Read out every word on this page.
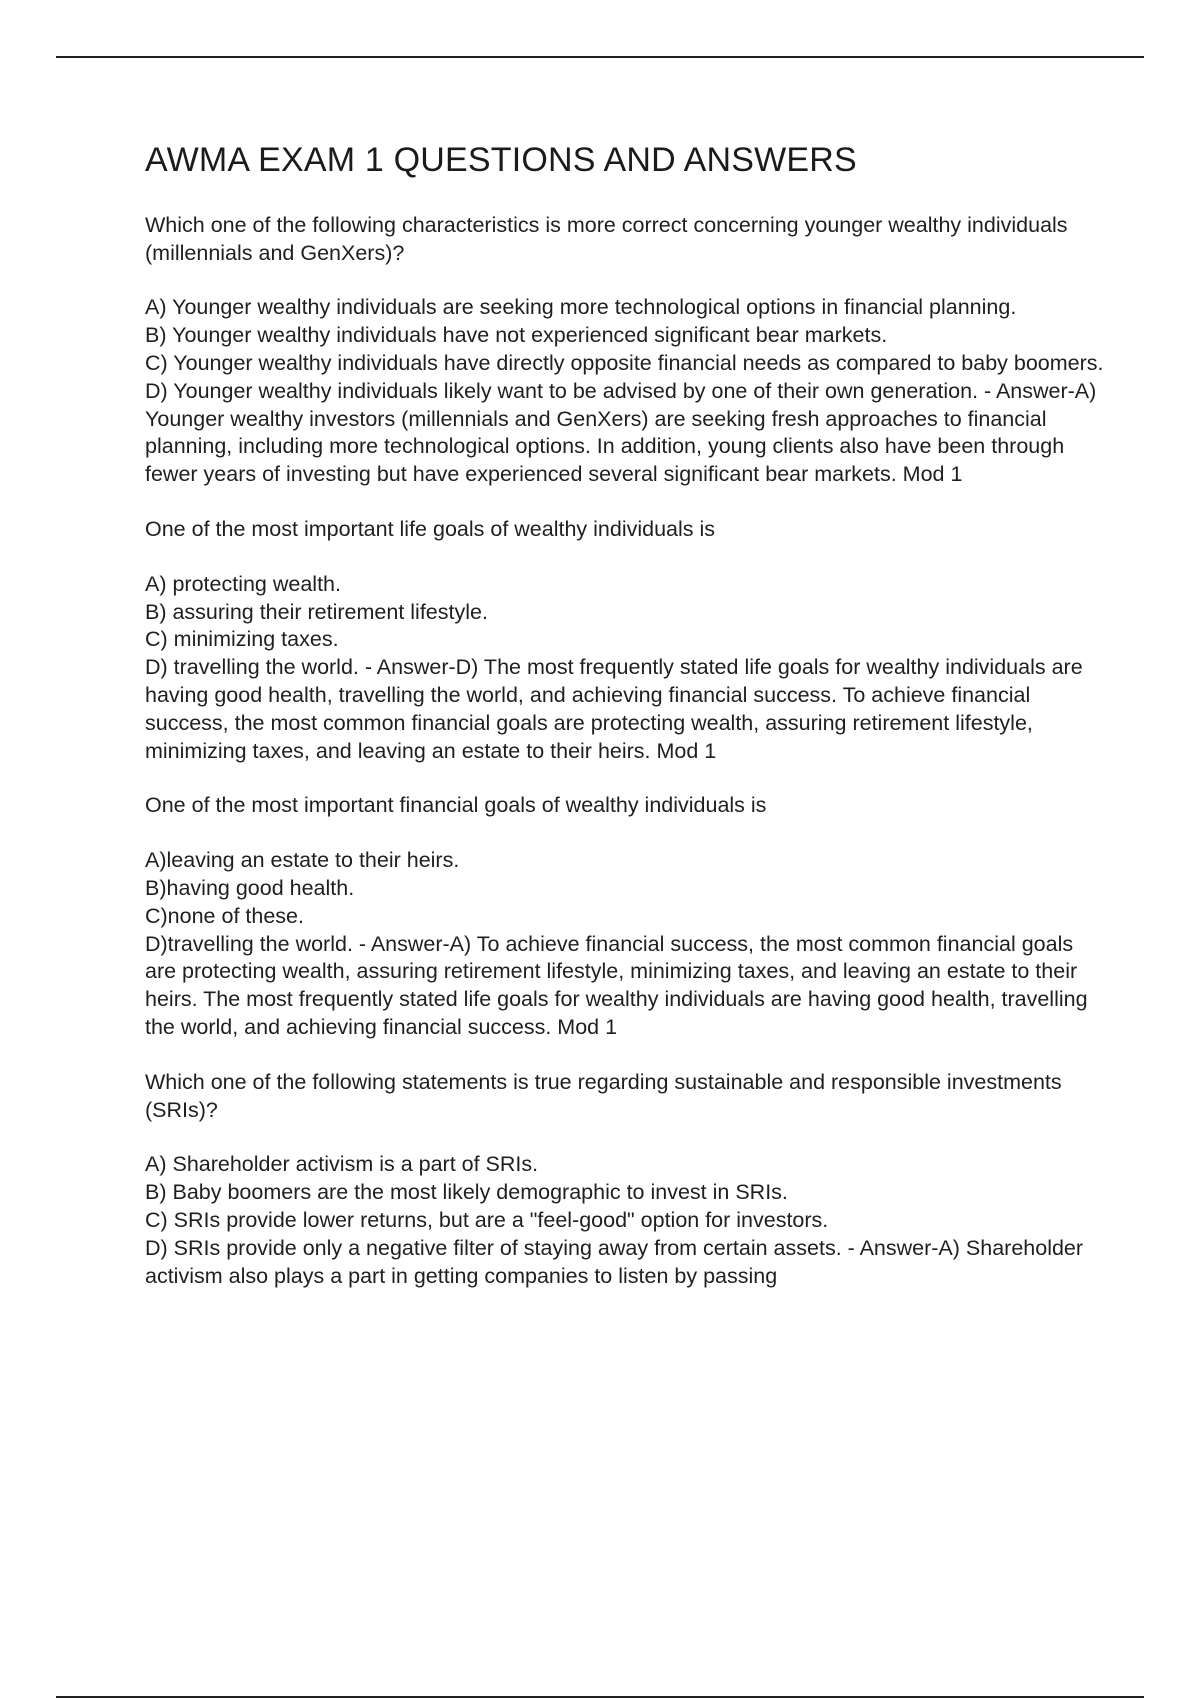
AWMA EXAM 1 QUESTIONS AND ANSWERS
Which one of the following characteristics is more correct concerning younger wealthy individuals (millennials and GenXers)?
A) Younger wealthy individuals are seeking more technological options in financial planning.
B) Younger wealthy individuals have not experienced significant bear markets.
C) Younger wealthy individuals have directly opposite financial needs as compared to baby boomers.
D) Younger wealthy individuals likely want to be advised by one of their own generation. - Answer-A) Younger wealthy investors (millennials and GenXers) are seeking fresh approaches to financial planning, including more technological options. In addition, young clients also have been through fewer years of investing but have experienced several significant bear markets. Mod 1
One of the most important life goals of wealthy individuals is
A) protecting wealth.
B) assuring their retirement lifestyle.
C) minimizing taxes.
D) travelling the world. - Answer-D) The most frequently stated life goals for wealthy individuals are having good health, travelling the world, and achieving financial success. To achieve financial success, the most common financial goals are protecting wealth, assuring retirement lifestyle, minimizing taxes, and leaving an estate to their heirs. Mod 1
One of the most important financial goals of wealthy individuals is
A)leaving an estate to their heirs.
B)having good health.
C)none of these.
D)travelling the world. - Answer-A) To achieve financial success, the most common financial goals are protecting wealth, assuring retirement lifestyle, minimizing taxes, and leaving an estate to their heirs. The most frequently stated life goals for wealthy individuals are having good health, travelling the world, and achieving financial success. Mod 1
Which one of the following statements is true regarding sustainable and responsible investments (SRIs)?
A) Shareholder activism is a part of SRIs.
B) Baby boomers are the most likely demographic to invest in SRIs.
C) SRIs provide lower returns, but are a "feel-good" option for investors.
D) SRIs provide only a negative filter of staying away from certain assets. - Answer-A) Shareholder activism also plays a part in getting companies to listen by passing
